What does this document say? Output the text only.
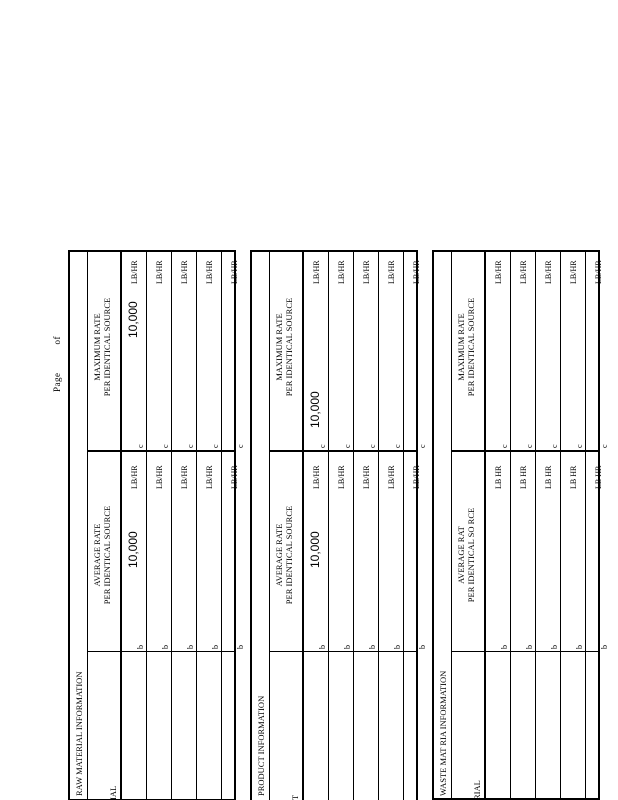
Pageof
RAW MATERIAL INFORMATION	IAL
AVERAGE RATE PER IDENTICAL SOURCE
MAXIMUM RATE PER IDENTICAL SOURCE
b
10,000
LB/HR
c
10,000
LB/HR
b
LB/HR
c
LB/HR
b
LB/HR
c
LB/HR
b
LB/HR
c
LB/HR
b
LB/HR
c
LB/HR
PRODUCT INFORMATION
T
AVERAGE RATE PER IDENTICAL SOURCE
MAXIMUM RATE PER IDENTICAL SOURCE
b
10,000
LB/HR
c
10,000
LB/HR
b
LB/HR
c
LB/HR
b
LB/HR
c
LB/HR
b
LB/HR
c
LB/HR
b
LB/HR
c
LB/HR
WASTE MAT RIA INFORMATION	RIAL
AVERAGE RAT PER IDENTICAL SO RCE
MAXIMUM RATE PER IDENTICAL SOURCE
b
LB HR
c
LB/HR
b
LB HR
c
LB/HR
b
LB HR
c
LB/HR
b
LB HR
c
LB/HR
b
LB HR
c
LB/HR
